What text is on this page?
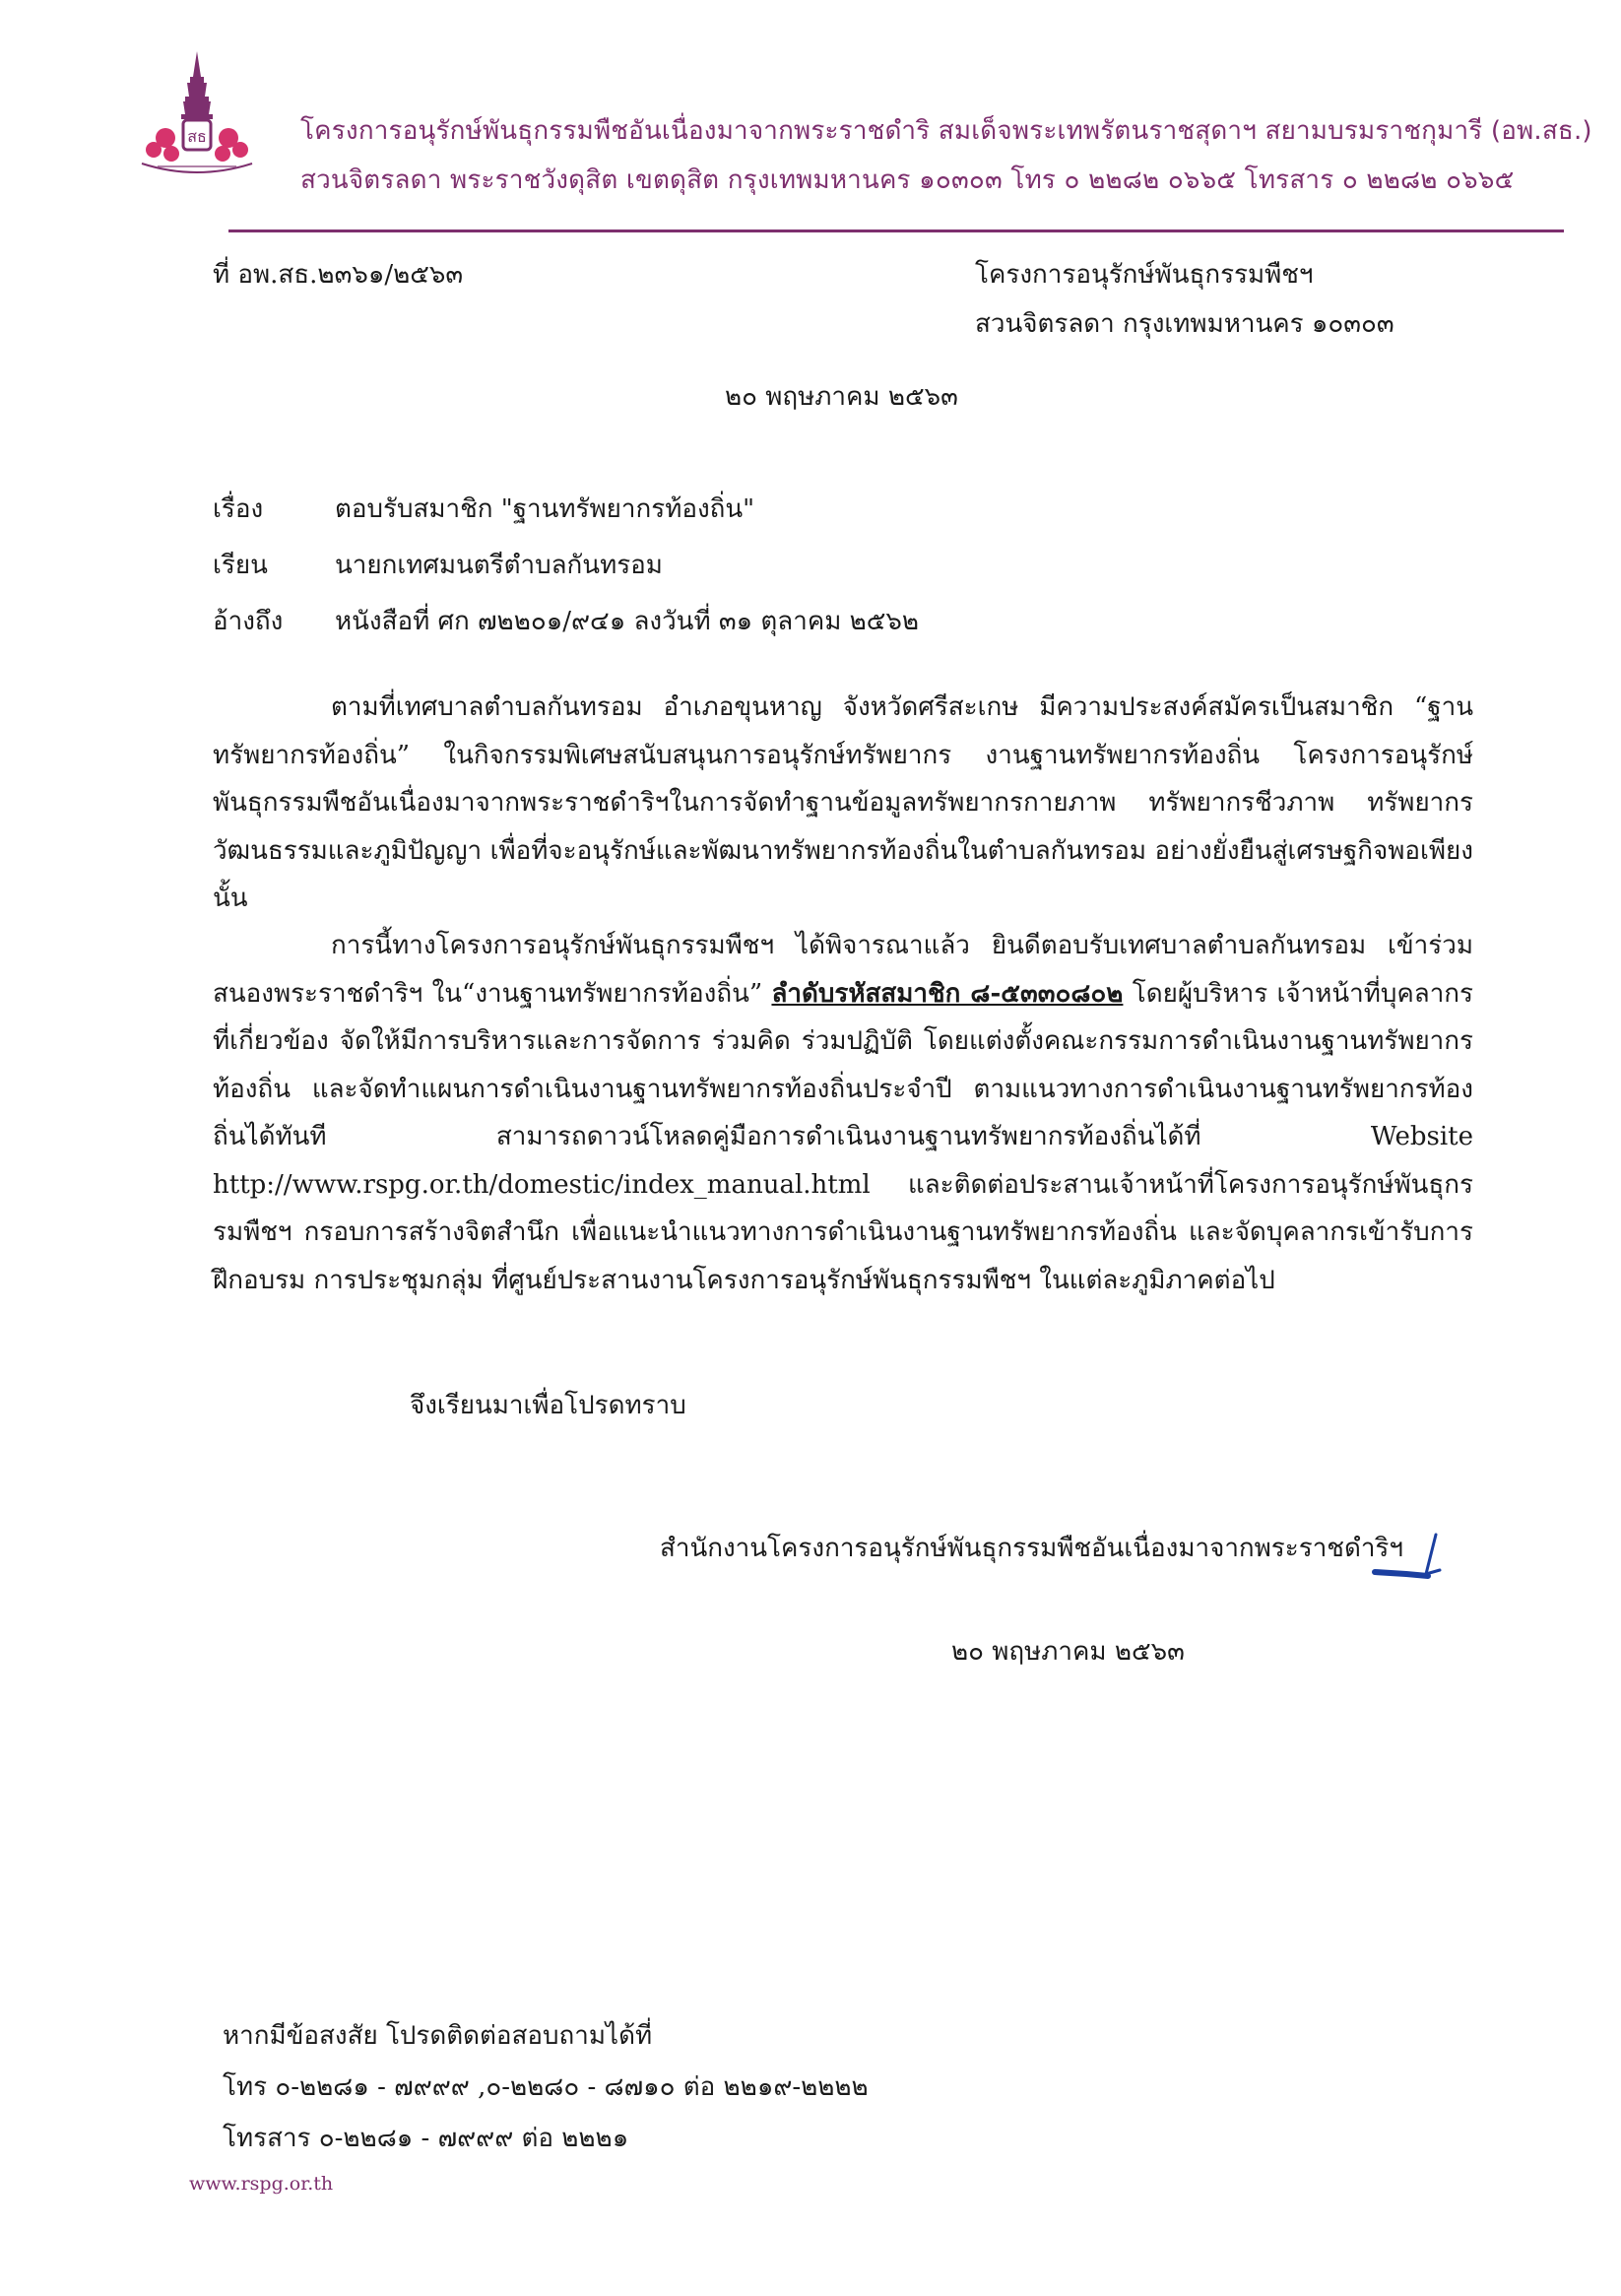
สธ	โครงการอนุรักษ์พันธุกรรมพืชอันเนื่องมาจากพระราชดำริ สมเด็จพระเทพรัตนราชสุดาฯ สยามบรมราชกุมารี (อพ.สธ.)
สวนจิตรลดา พระราชวังดุสิต เขตดุสิต กรุงเทพมหานคร ๑๐๓๐๓ โทร ๐ ๒๒๘๒ ๐๖๖๕ โทรสาร ๐ ๒๒๘๒ ๐๖๖๕
ที่ อพ.สธ.๒๓๖๑/๒๕๖๓	โครงการอนุรักษ์พันธุกรรมพืชฯ
สวนจิตรลดา กรุงเทพมหานคร ๑๐๓๐๓
๒๐ พฤษภาคม ๒๕๖๓
เรื่อง	ตอบรับสมาชิก "ฐานทรัพยากรท้องถิ่น"
เรียน	นายกเทศมนตรีตำบลกันทรอม
อ้างถึง หนังสือที่ ศก ๗๒๒๐๑/๙๔๑ ลงวันที่ ๓๑ ตุลาคม ๒๕๖๒
ตามที่เทศบาลตำบลกันทรอม อำเภอขุนหาญ จังหวัดศรีสะเกษ มีความประสงค์สมัครเป็นสมาชิก “ฐานทรัพยากรท้องถิ่น” ในกิจกรรมพิเศษสนับสนุนการอนุรักษ์ทรัพยากร งานฐานทรัพยากรท้องถิ่น โครงการอนุรักษ์พันธุกรรมพืชอันเนื่องมาจากพระราชดำริฯในการจัดทำฐานข้อมูลทรัพยากรกายภาพ ทรัพยากรชีวภาพ ทรัพยากรวัฒนธรรมและภูมิปัญญา เพื่อที่จะอนุรักษ์และพัฒนาทรัพยากรท้องถิ่นในตำบลกันทรอม อย่างยั่งยืนสู่เศรษฐกิจพอเพียง นั้น
การนี้ทางโครงการอนุรักษ์พันธุกรรมพืชฯ ได้พิจารณาแล้ว ยินดีตอบรับเทศบาลตำบลกันทรอม เข้าร่วมสนองพระราชดำริฯ ใน“งานฐานทรัพยากรท้องถิ่น” ลำดับรหัสสมาชิก ๘-๕๓๓๐๘๐๒ โดยผู้บริหาร เจ้าหน้าที่บุคลากรที่เกี่ยวข้อง จัดให้มีการบริหารและการจัดการ ร่วมคิด ร่วมปฏิบัติ โดยแต่งตั้งคณะกรรมการดำเนินงานฐานทรัพยากรท้องถิ่น และจัดทำแผนการดำเนินงานฐานทรัพยากรท้องถิ่นประจำปี ตามแนวทางการดำเนินงานฐานทรัพยากรท้องถิ่นได้ทันที สามารถดาวน์โหลดคู่มือการดำเนินงานฐานทรัพยากรท้องถิ่นได้ที่ Website http://www.rspg.or.th/domestic/index_manual.html และติดต่อประสานเจ้าหน้าที่โครงการอนุรักษ์พันธุกรรมพืชฯ กรอบการสร้างจิตสำนึก เพื่อแนะนำแนวทางการดำเนินงานฐานทรัพยากรท้องถิ่น และจัดบุคลากรเข้ารับการฝึกอบรม การประชุมกลุ่ม ที่ศูนย์ประสานงานโครงการอนุรักษ์พันธุกรรมพืชฯ ในแต่ละภูมิภาคต่อไป
จึงเรียนมาเพื่อโปรดทราบ
สำนักงานโครงการอนุรักษ์พันธุกรรมพืชอันเนื่องมาจากพระราชดำริฯ
๒๐ พฤษภาคม ๒๕๖๓
หากมีข้อสงสัย โปรดติดต่อสอบถามได้ที่
โทร ๐-๒๒๘๑ - ๗๙๙๙ ,๐-๒๒๘๐ - ๘๗๑๐ ต่อ ๒๒๑๙-๒๒๒๒
โทรสาร ๐-๒๒๘๑ - ๗๙๙๙ ต่อ ๒๒๒๑
www.rspg.or.th
